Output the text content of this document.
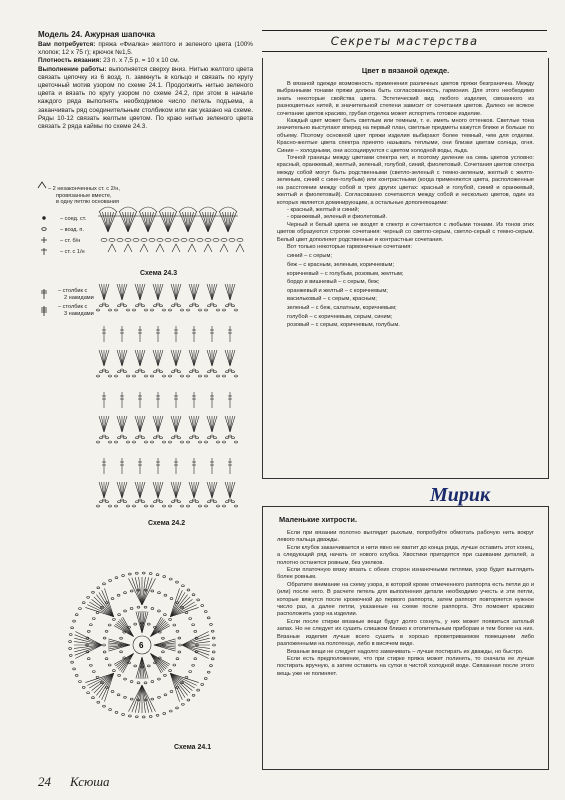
Модель 24. Ажурная шапочка

Вам потребуется: пряжа «Фиалка» желтого и зеленого цвета (100% хлопок; 12 x 75 г); крючок №1,5.

Плотность вязания: 23 п. x 7,5 р. = 10 x 10 см.

Выполнение работы: выполняется сверху вниз. Нитью желтого цвета связать цепочку из 6 возд. п. замкнуть в кольцо и связать по кругу цветочный мотив узором по схеме 24.1. Продолжить нитью зеленого цвета и вязать по кругу узором по схеме 24.2, при этом в начале каждого ряда выполнять необходимое число петель подъема, а заканчивать ряд соединительным столбиком или как указано на схеме. Ряды 10-12 связать желтым цветом. По краю нитью зеленого цвета связать 2 ряда каймы по схеме 24.3.

– 2 незаконченных ст. с 2/н,
провязанные вместе,
в одну петлю основания
– соед. ст.
– возд. п.
– ст. б/н
– ст. с 1/н
– столбик с
2 накидами
– столбик с
3 накидами
6
Схема 24.3
Схема 24.2
Схема 24.1
Секреты мастерства
Цвет в вязаной одежде.

В вязаной одежде возможность применения различных цветов пряжи безгранична. Между выбранными тонами пряжи должна быть согласованность, гармония. Для этого необходимо знать некоторые свойства цвета. Эстетический вид любого изделия, связанного из разноцветных нитей, в значительной степени зависит от сочетания цветов. Далеко не всякое сочетание цветов красиво, грубая отделка может испортить готовое изделие.

Каждый цвет может быть светлым или темным, т. е. иметь много оттенков. Светлые тона значительно выступают вперед на первый план, светлые предметы кажутся ближе и больше по объему. Поэтому основной цвет пряжи изделия выбирают более темный, чем для отделки. Красно-желтые цвета спектра принято называть теплыми, они близки цветам солнца, огня. Синие – холодными, они ассоциируются с цветом холодной воды, льда.

Точной границы между цветами спектра нет, и поэтому деление на семь цветов условно: красный, оранжевый, желтый, зеленый, голубой, синий, фиолетовый. Сочетания цветов спектра между собой могут быть родственными (светло-зеленый с темно-зеленым, желтый с желто-зеленым, синий с сине-голубым) или контрастными (когда применяются цвета, расположенные на расстоянии между собой в трех других цветах: красный и голубой, синий и оранжевый, желтый и фиолетовый). Согласованно сочетаются между собой и несколько цветов, один из которых является доминирующим, а остальные дополняющими:

- красный, желтый и синий;
- оранжевый, зеленый и фиолетовый.

Черный и белый цвета не входят в спектр и сочетаются с любыми тонами. Из тонов этих цветов образуются строгие сочетания: черный со светло-серым, светло-серый с темно-серым. Белый цвет дополняет родственные и контрастные сочетания.

Вот только некоторые гармоничные сочетания:

синий – с серым;
беж – с красным, зеленым, коричневым;
коричневый – с голубым, розовым, желтым;
бордо и вишневый – с серым, беж;
оранжевый и желтый – с коричневым;
васильковый – с серым, красным;
зеленый – с беж, салатным, коричневым;
голубой – с коричневым, серым, синим;
розовый – с серым, коричневым, голубым.
Мирик
Маленькие хитрости.

Если при вязании полотно выглядит рыхлым, попробуйте обмотать рабочую нить вокруг левого пальца дважды.

Если клубок заканчивается и нити явно не хватит до конца ряда, лучше оставить этот конец, а следующий ряд начать от нового клубка. Хвостики пригодятся при сшивании деталей, а полотно останется ровным, без узелков.

Если платочную вязку вязать с обеих сторон изнаночными петлями, узор будет выглядеть более ровным.

Обратите внимание на схему узора, в которой кроме отмеченного раппорта есть петли до и (или) после него. В расчете петель для выполнения детали необходимо учесть и эти петли, которые вяжутся после кромочной до первого раппорта, затем раппорт повторяется нужное число раз, а далее петли, указанные на схеме после раппорта. Это поможет красиво расположить узор на изделии.

Если после стирки вязаные вещи будут долго сохнуть, у них может появиться затхлый запах. Но не следует их сушить слишком близко к отопительным приборам и тем более на них. Вязаные изделия лучше всего сушить в хорошо проветриваемом помещении либо разложенными на полотенце, либо в висячем виде.

Вязаные вещи не следует надолго замачивать – лучше постирать их дважды, но быстро.

Если есть предположение, что при стирке пряжа может полинять, то сначала ее лучше постирать вручную, а затем оставить на сутки в чистой холодной воде. Связанная после этого вещь уже не полиняет.

24 Ксюша
